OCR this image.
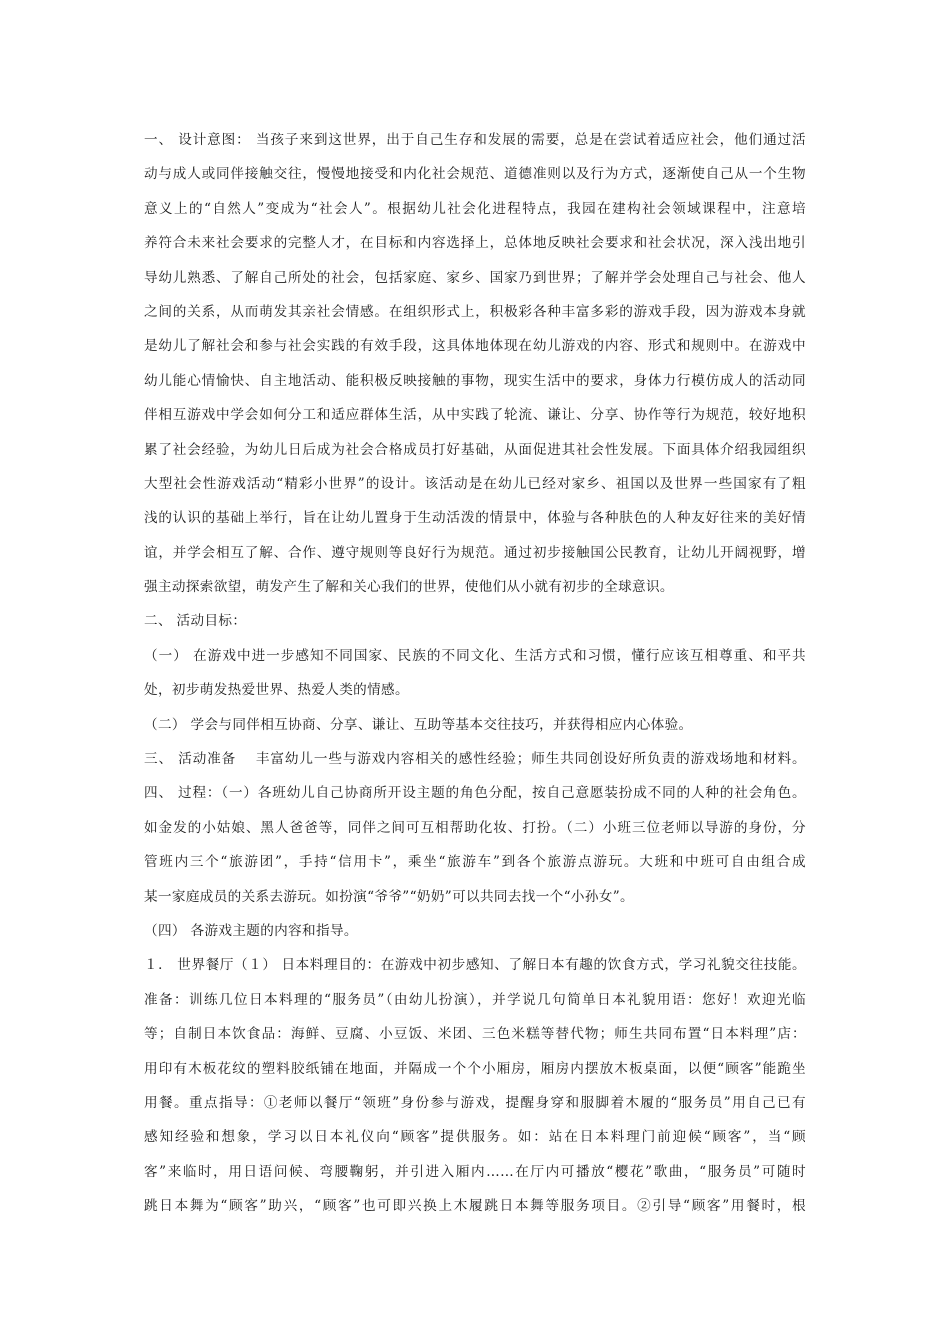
一、 设计意图： 当孩子来到这世界，出于自己生存和发展的需要，总是在尝试着适应社会，他们通过活
动与成人或同伴接触交往，慢慢地接受和内化社会规范、道德准则以及行为方式，逐渐使自己从一个生物
意义上的“自然人”变成为“社会人”。根据幼儿社会化进程特点，我园在建构社会领域课程中，注意培
养符合未来社会要求的完整人才，在目标和内容选择上，总体地反映社会要求和社会状况，深入浅出地引
导幼儿熟悉、了解自己所处的社会，包括家庭、家乡、国家乃到世界；了解并学会处理自己与社会、他人
之间的关系，从而萌发其亲社会情感。在组织形式上，积极彩各种丰富多彩的游戏手段，因为游戏本身就
是幼儿了解社会和参与社会实践的有效手段，这具体地体现在幼儿游戏的内容、形式和规则中。在游戏中
幼儿能心情愉快、自主地活动、能积极反映接触的事物，现实生活中的要求，身体力行模仿成人的活动同
伴相互游戏中学会如何分工和适应群体生活，从中实践了轮流、谦让、分享、协作等行为规范，较好地积
累了社会经验，为幼儿日后成为社会合格成员打好基础，从面促进其社会性发展。下面具体介绍我园组织
大型社会性游戏活动“精彩小世界”的设计。该活动是在幼儿已经对家乡、祖国以及世界一些国家有了粗
浅的认识的基础上举行，旨在让幼儿置身于生动活泼的情景中，体验与各种肤色的人种友好往来的美好情
谊，并学会相互了解、合作、遵守规则等良好行为规范。通过初步接触国公民教育，让幼儿开阔视野，增
强主动探索欲望，萌发产生了解和关心我们的世界，使他们从小就有初步的全球意识。
二、 活动目标：
（一） 在游戏中进一步感知不同国家、民族的不同文化、生活方式和习惯，懂行应该互相尊重、和平共
处，初步萌发热爱世界、热爱人类的情感。
（二） 学会与同伴相互协商、分享、谦让、互助等基本交往技巧，并获得相应内心体验。
三、 活动准备　 丰富幼儿一些与游戏内容相关的感性经验；师生共同创设好所负责的游戏场地和材料。
四、 过程：（一）各班幼儿自己协商所开设主题的角色分配，按自己意愿装扮成不同的人种的社会角色。
如金发的小姑娘、黑人爸爸等，同伴之间可互相帮助化妆、打扮。（二）小班三位老师以导游的身份，分
管班内三个“旅游团”，手持“信用卡”，乘坐“旅游车”到各个旅游点游玩。大班和中班可自由组合成
某一家庭成员的关系去游玩。如扮演“爷爷”“奶奶”可以共同去找一个“小孙女”。
（四） 各游戏主题的内容和指导。
１． 世界餐厅（１） 日本料理目的：在游戏中初步感知、了解日本有趣的饮食方式，学习礼貌交往技能。
准备：训练几位日本料理的“服务员”（由幼儿扮演），并学说几句简单日本礼貌用语：您好！欢迎光临
等；自制日本饮食品：海鲜、豆腐、小豆饭、米团、三色米糕等替代物；师生共同布置“日本料理”店：
用印有木板花纹的塑料胶纸铺在地面，并隔成一个个小厢房，厢房内摆放木板桌面，以便“顾客”能跪坐
用餐。重点指导：①老师以餐厅“领班”身份参与游戏，提醒身穿和服脚着木履的“服务员”用自己已有
感知经验和想象，学习以日本礼仪向“顾客”提供服务。如：站在日本料理门前迎候“顾客”，当“顾
客”来临时，用日语问候、弯腰鞠躬，并引进入厢内……在厅内可播放“樱花”歌曲，“服务员”可随时
跳日本舞为“顾客”助兴，“顾客”也可即兴换上木履跳日本舞等服务项目。②引导“顾客”用餐时，根
